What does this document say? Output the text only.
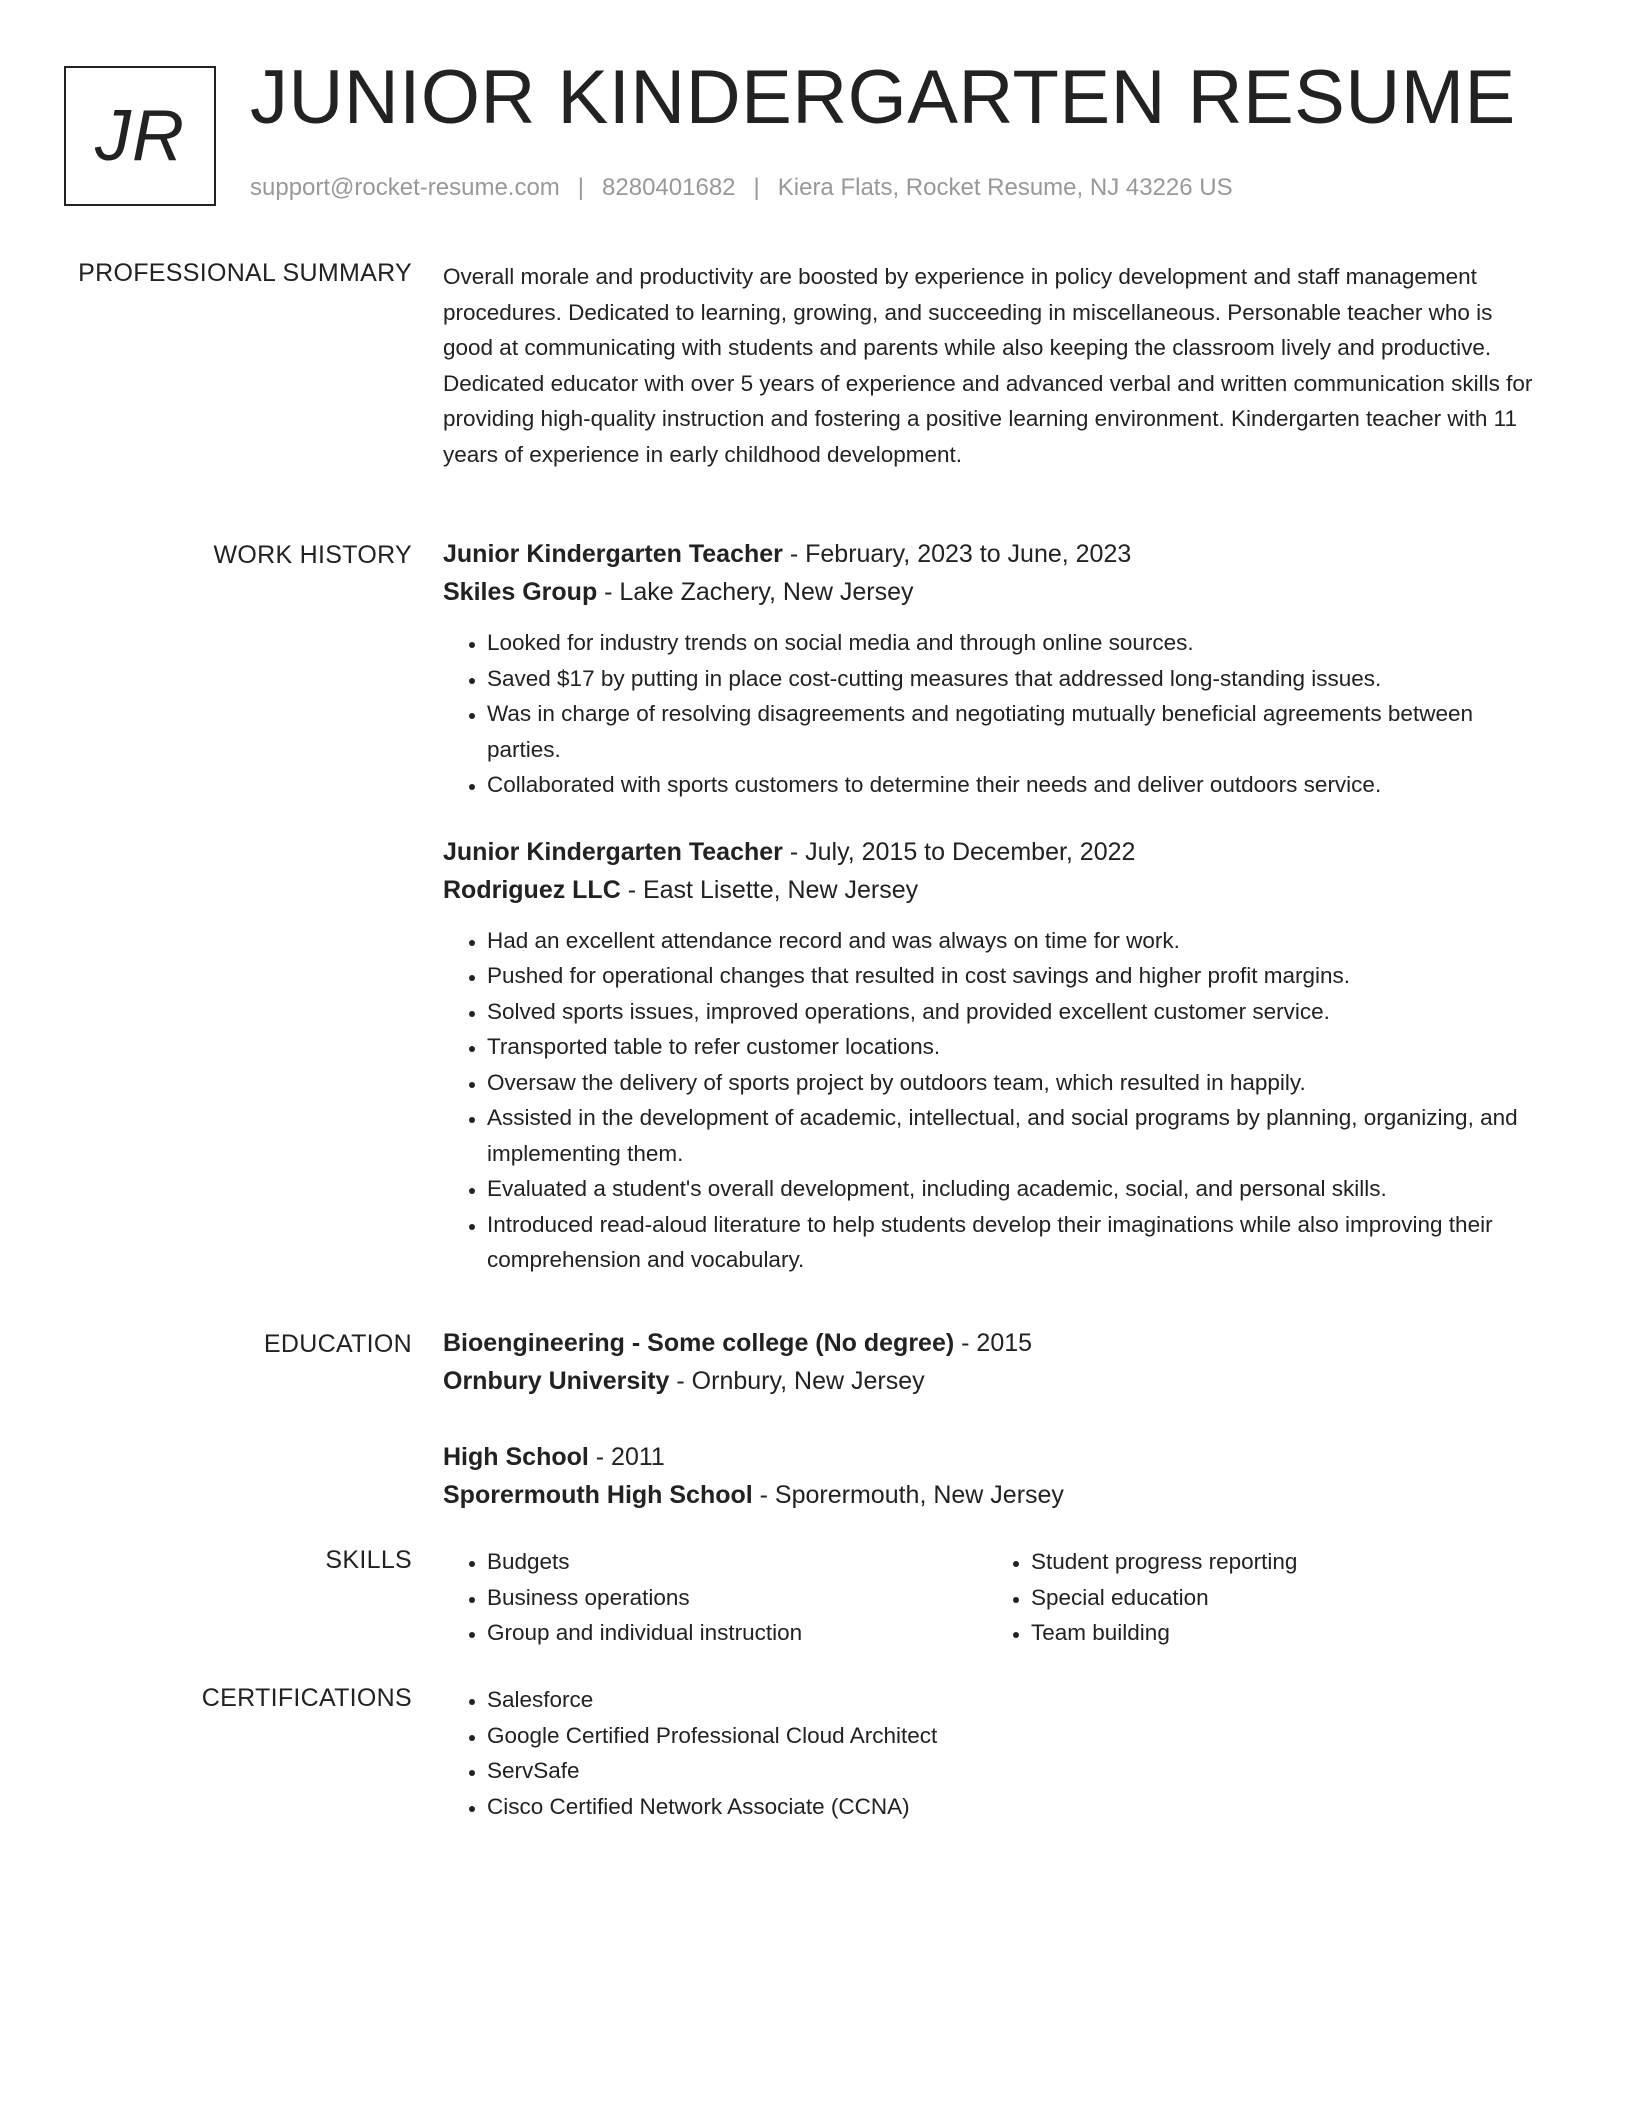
JR JUNIOR KINDERGARTEN RESUME
support@rocket-resume.com | 8280401682 | Kiera Flats, Rocket Resume, NJ 43226 US
PROFESSIONAL SUMMARY Overall morale and productivity are boosted by experience in policy development and staff management procedures. Dedicated to learning, growing, and succeeding in miscellaneous. Personable teacher who is good at communicating with students and parents while also keeping the classroom lively and productive. Dedicated educator with over 5 years of experience and advanced verbal and written communication skills for providing high-quality instruction and fostering a positive learning environment. Kindergarten teacher with 11 years of experience in early childhood development.

WORK HISTORY Junior Kindergarten Teacher - February, 2023 to June, 2023

Skiles Group - Lake Zachery, New Jersey

• Looked for industry trends on social media and through online sources.
• Saved $17 by putting in place cost-cutting measures that addressed long-standing issues.
• Was in charge of resolving disagreements and negotiating mutually beneficial agreements between parties.
• Collaborated with sports customers to determine their needs and deliver outdoors service.

Junior Kindergarten Teacher - July, 2015 to December, 2022

Rodriguez LLC - East Lisette, New Jersey

• Had an excellent attendance record and was always on time for work.
• Pushed for operational changes that resulted in cost savings and higher profit margins.
• Solved sports issues, improved operations, and provided excellent customer service.
• Transported table to refer customer locations.
• Oversaw the delivery of sports project by outdoors team, which resulted in happily.
• Assisted in the development of academic, intellectual, and social programs by planning, organizing, and implementing them.
• Evaluated a student's overall development, including academic, social, and personal skills.
• Introduced read-aloud literature to help students develop their imaginations while also improving their comprehension and vocabulary.
EDUCATION Bioengineering - Some college (No degree) - 2015

Ornbury University - Ornbury, New Jersey

High School - 2011

Sporermouth High School - Sporermouth, New Jersey

SKILLS	• Budgets
• Business operations
• Group and individual instruction
• Student progress reporting
• Special education
• Team building
CERTIFICATIONS	• Salesforce
• Google Certified Professional Cloud Architect
• ServSafe
• Cisco Certified Network Associate (CCNA)
